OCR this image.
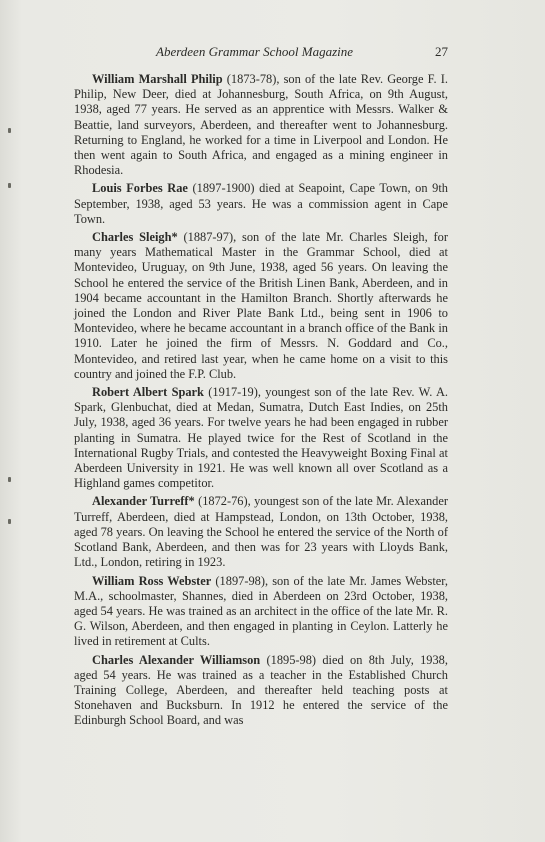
Aberdeen Grammar School Magazine	27

William Marshall Philip (1873-78), son of the late Rev. George F. I. Philip, New Deer, died at Johannesburg, South Africa, on 9th August, 1938, aged 77 years. He served as an apprentice with Messrs. Walker & Beattie, land surveyors, Aberdeen, and thereafter went to Johannesburg. Returning to England, he worked for a time in Liverpool and London. He then went again to South Africa, and engaged as a mining engineer in Rhodesia.

Louis Forbes Rae (1897-1900) died at Seapoint, Cape Town, on 9th September, 1938, aged 53 years. He was a commission agent in Cape Town.

Charles Sleigh* (1887-97), son of the late Mr. Charles Sleigh, for many years Mathematical Master in the Grammar School, died at Montevideo, Uruguay, on 9th June, 1938, aged 56 years. On leaving the School he entered the service of the British Linen Bank, Aberdeen, and in 1904 became accountant in the Hamilton Branch. Shortly afterwards he joined the London and River Plate Bank Ltd., being sent in 1906 to Montevideo, where he became accountant in a branch office of the Bank in 1910. Later he joined the firm of Messrs. N. Goddard and Co., Montevideo, and retired last year, when he came home on a visit to this country and joined the F.P. Club.

Robert Albert Spark (1917-19), youngest son of the late Rev. W. A. Spark, Glenbuchat, died at Medan, Sumatra, Dutch East Indies, on 25th July, 1938, aged 36 years. For twelve years he had been engaged in rubber planting in Sumatra. He played twice for the Rest of Scotland in the International Rugby Trials, and contested the Heavyweight Boxing Final at Aberdeen University in 1921. He was well known all over Scotland as a Highland games competitor.

Alexander Turreff* (1872-76), youngest son of the late Mr. Alexander Turreff, Aberdeen, died at Hampstead, London, on 13th October, 1938, aged 78 years. On leaving the School he entered the service of the North of Scotland Bank, Aberdeen, and then was for 23 years with Lloyds Bank, Ltd., London, retiring in 1923.

William Ross Webster (1897-98), son of the late Mr. James Webster, M.A., schoolmaster, Shannes, died in Aberdeen on 23rd October, 1938, aged 54 years. He was trained as an architect in the office of the late Mr. R. G. Wilson, Aberdeen, and then engaged in planting in Ceylon. Latterly he lived in retirement at Cults.

Charles Alexander Williamson (1895-98) died on 8th July, 1938, aged 54 years. He was trained as a teacher in the Established Church Training College, Aberdeen, and thereafter held teaching posts at Stonehaven and Bucksburn. In 1912 he entered the service of the Edinburgh School Board, and was
